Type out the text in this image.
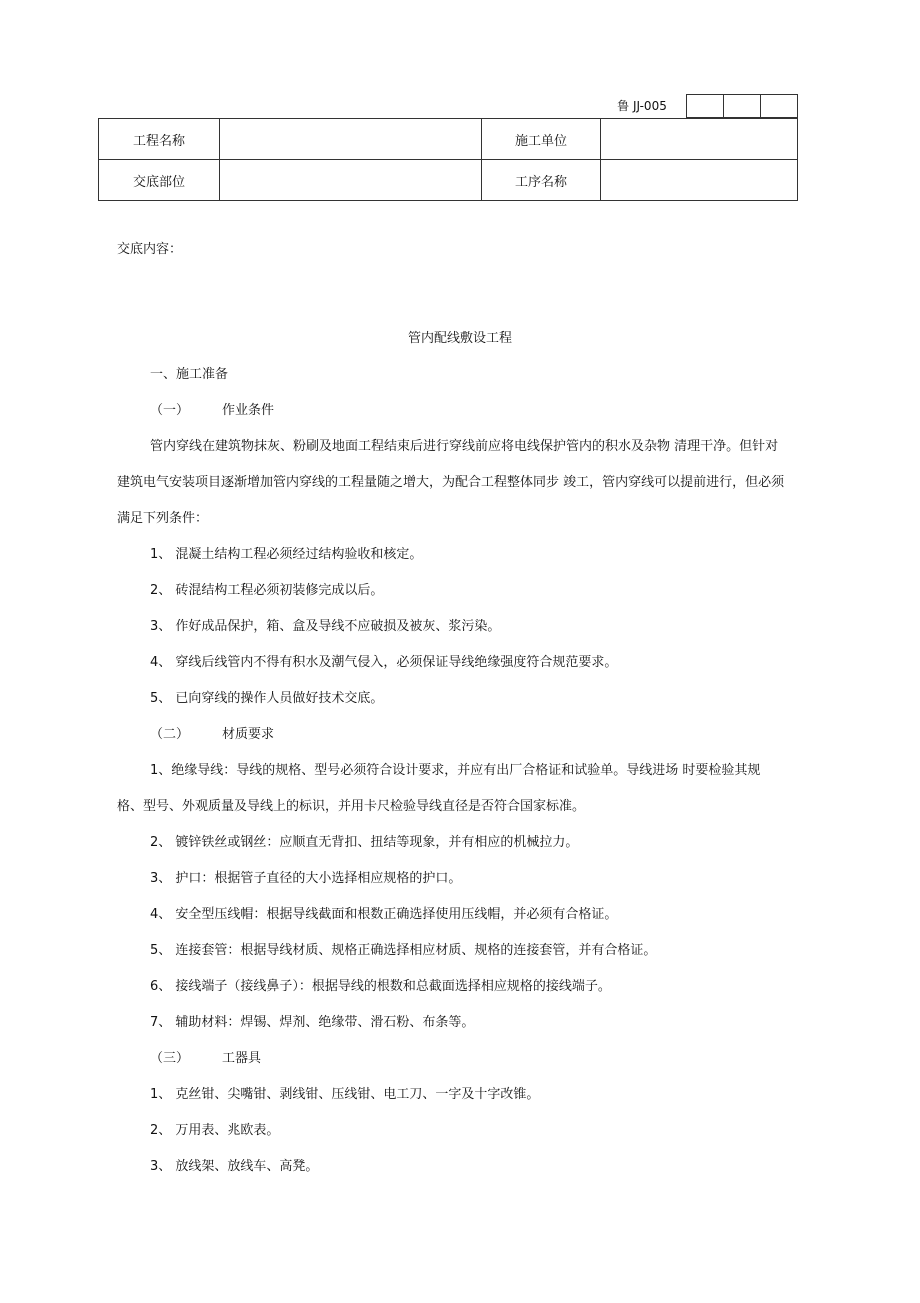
鲁 JJ-005
工程名称		施工单位	
交底部位		工序名称	
交底内容：
管内配线敷设工程
一、施工准备
（一）	作业条件
管内穿线在建筑物抹灰、粉刷及地面工程结束后进行穿线前应将电线保护管内的积水及杂物 清理干净。但针对
建筑电气安装项目逐渐增加管内穿线的工程量随之增大，为配合工程整体同步 竣工，管内穿线可以提前进行，但必须
满足下列条件：
1、 混凝土结构工程必须经过结构验收和核定。
2、 砖混结构工程必须初装修完成以后。
3、 作好成品保护，箱、盒及导线不应破损及被灰、浆污染。
4、 穿线后线管内不得有积水及潮气侵入，必须保证导线绝缘强度符合规范要求。
5、 已向穿线的操作人员做好技术交底。
（二）	材质要求
1、绝缘导线：导线的规格、型号必须符合设计要求，并应有出厂合格证和试验单。导线进场 时要检验其规
格、型号、外观质量及导线上的标识，并用卡尺检验导线直径是否符合国家标准。
2、 镀锌铁丝或钢丝：应顺直无背扣、扭结等现象，并有相应的机械拉力。
3、 护口：根据管子直径的大小选择相应规格的护口。
4、 安全型压线帽：根据导线截面和根数正确选择使用压线帽，并必须有合格证。
5、 连接套管：根据导线材质、规格正确选择相应材质、规格的连接套管，并有合格证。
6、 接线端子（接线鼻子）：根据导线的根数和总截面选择相应规格的接线端子。
7、 辅助材料：焊锡、焊剂、绝缘带、滑石粉、布条等。
（三）	工器具
1、 克丝钳、尖嘴钳、剥线钳、压线钳、电工刀、一字及十字改锥。
2、 万用表、兆欧表。
3、 放线架、放线车、高凳。
